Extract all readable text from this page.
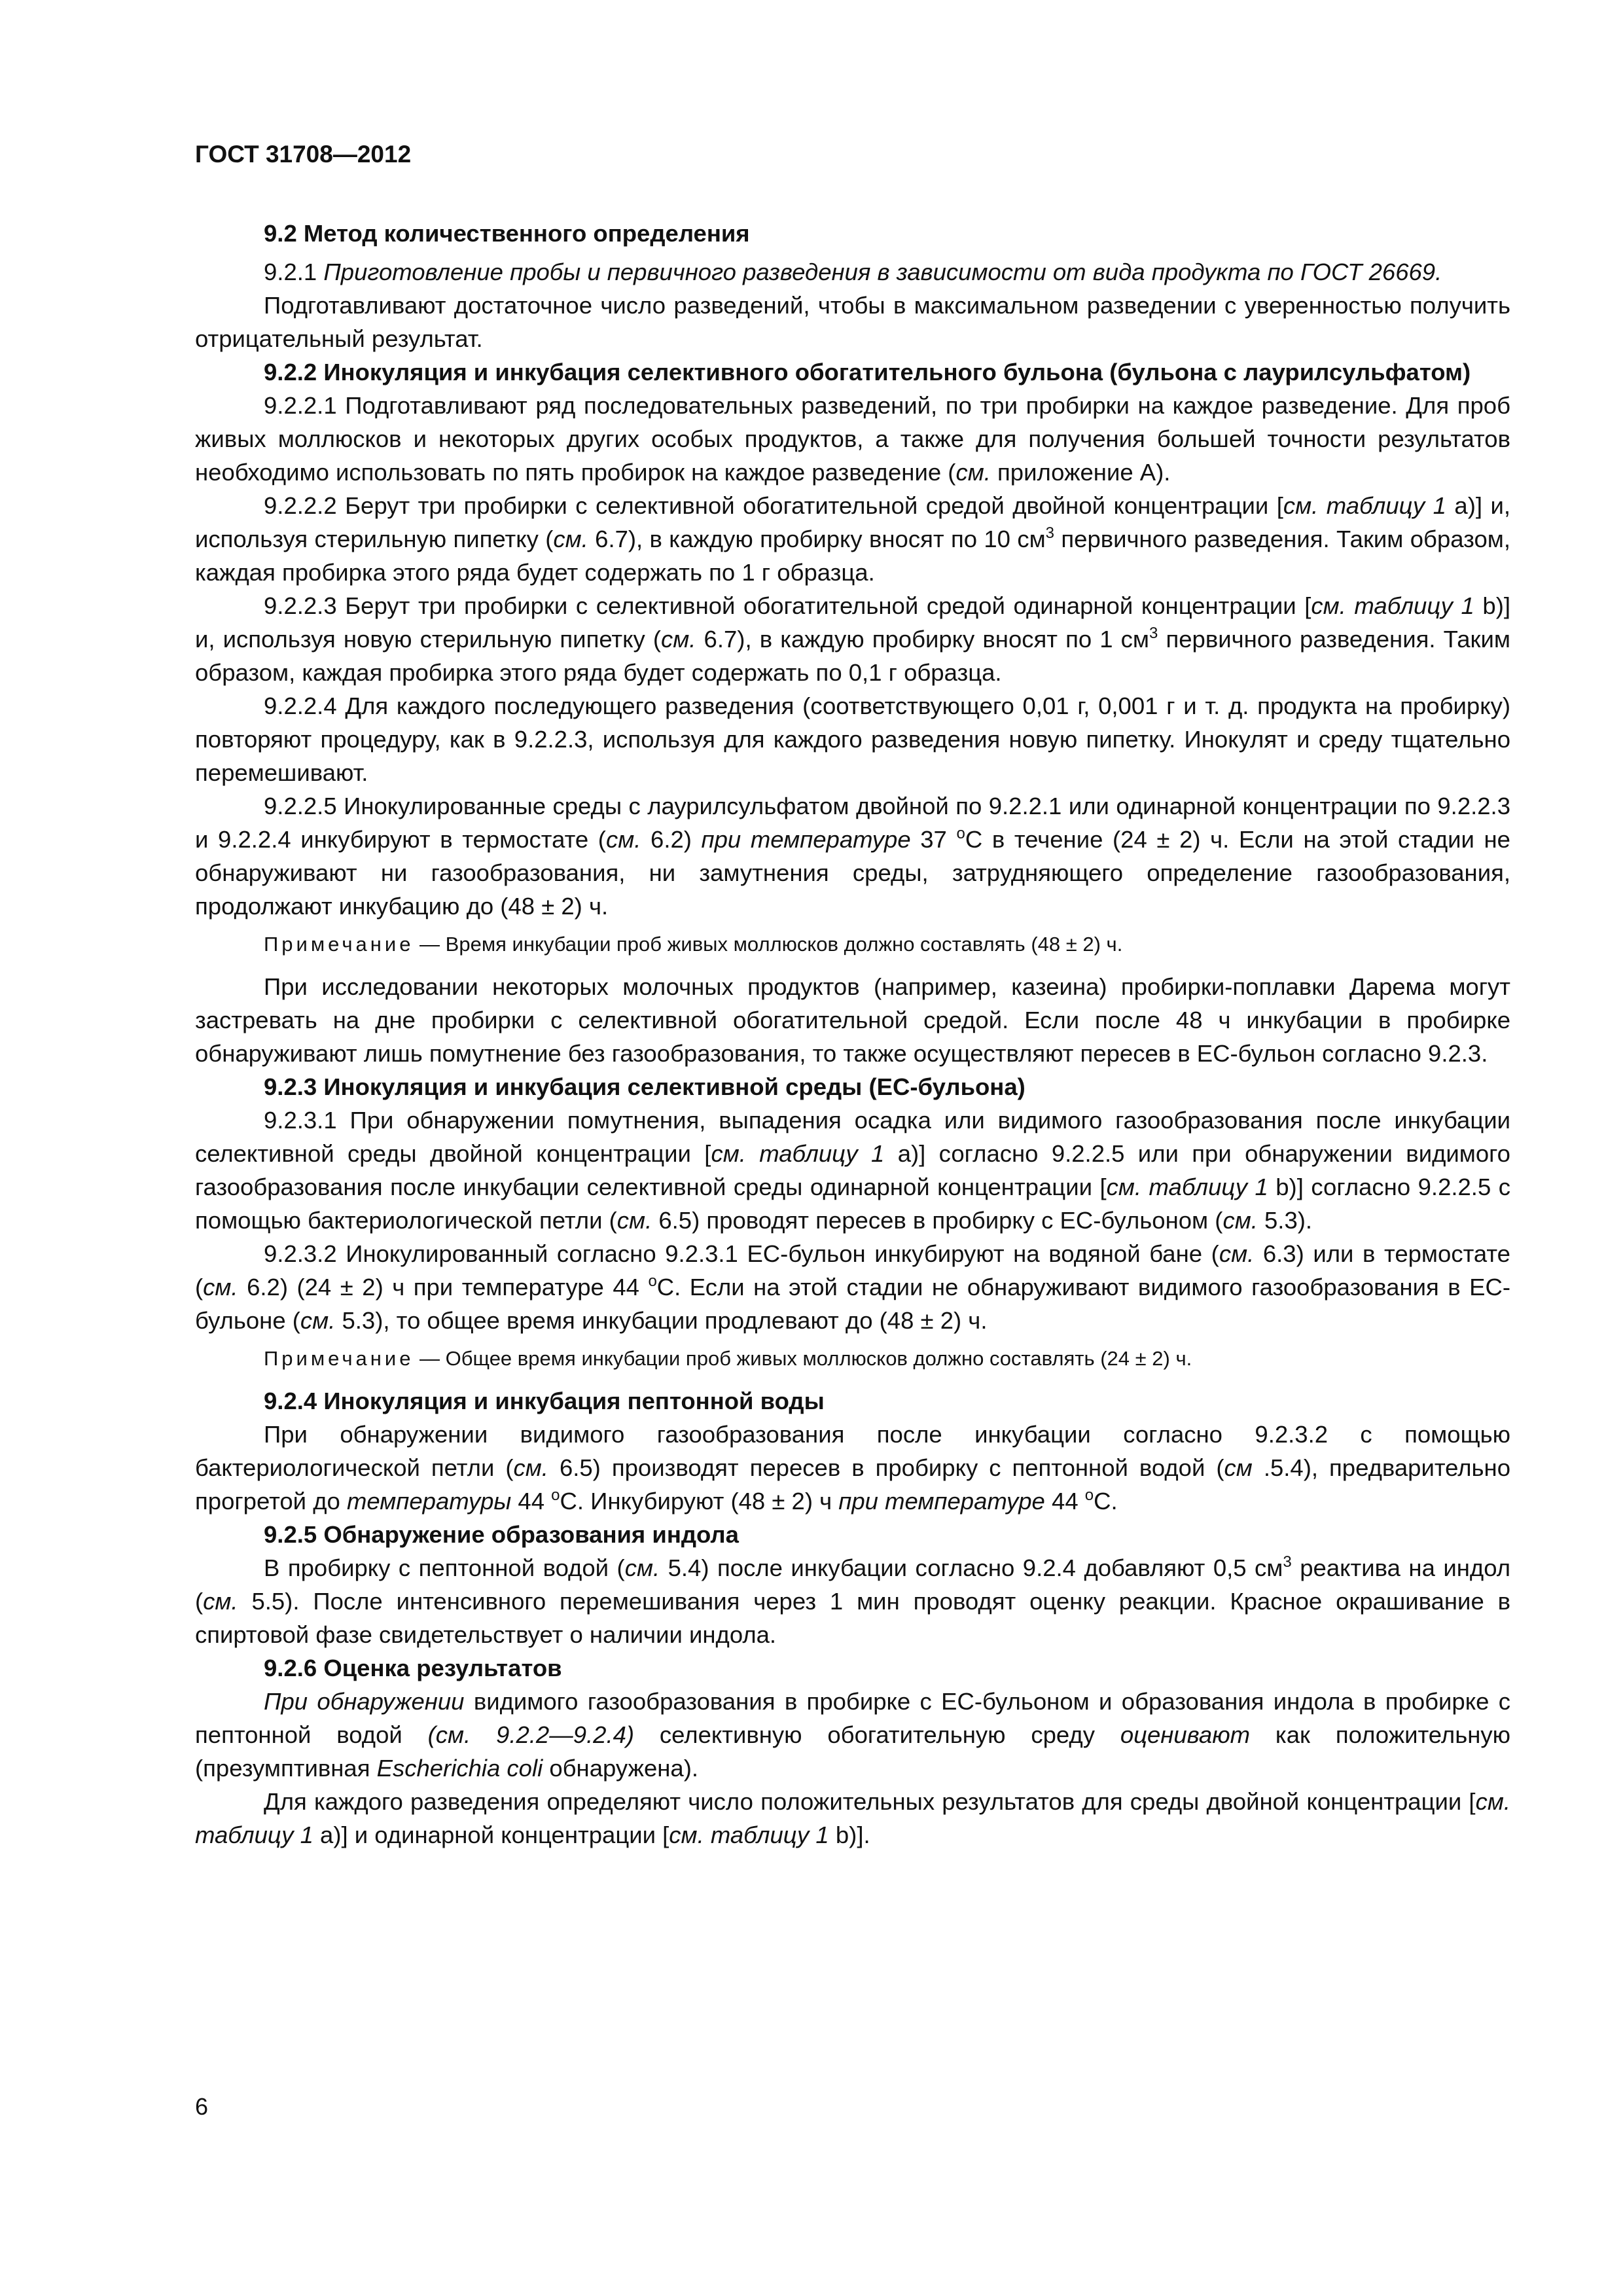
ГОСТ 31708—2012

9.2 Метод количественного определения

9.2.1 Приготовление пробы и первичного разведения в зависимости от вида продукта по ГОСТ 26669.

Подготавливают достаточное число разведений, чтобы в максимальном разведении с уверенностью получить отрицательный результат.

9.2.2 Инокуляция и инкубация селективного обогатительного бульона (бульона с лаурилсульфатом)

9.2.2.1 Подготавливают ряд последовательных разведений, по три пробирки на каждое разведение. Для проб живых моллюсков и некоторых других особых продуктов, а также для получения большей точности результатов необходимо использовать по пять пробирок на каждое разведение (см. приложение А).

9.2.2.2 Берут три пробирки с селективной обогатительной средой двойной концентрации [см. таблицу 1 а)] и, используя стерильную пипетку (см. 6.7), в каждую пробирку вносят по 10 $см^3$ первичного разведения. Таким образом, каждая пробирка этого ряда будет содержать по 1 г образца.

9.2.2.3 Берут три пробирки с селективной обогатительной средой одинарной концентрации [см. таблицу 1 b)] и, используя новую стерильную пипетку (см. 6.7), в каждую пробирку вносят по 1 $см^3$ первичного разведения. Таким образом, каждая пробирка этого ряда будет содержать по 0,1 г образца.

9.2.2.4 Для каждого последующего разведения (соответствующего 0,01 г, 0,001 г и т. д. продукта на пробирку) повторяют процедуру, как в 9.2.2.3, используя для каждого разведения новую пипетку. Инокулят и среду тщательно перемешивают.

9.2.2.5 Инокулированные среды с лаурилсульфатом двойной по 9.2.2.1 или одинарной концентрации по 9.2.2.3 и 9.2.2.4 инкубируют в термостате (см. 6.2) при температуре 37 $^о$С в течение (24 ± 2) ч. Если на этой стадии не обнаруживают ни газообразования, ни замутнения среды, затрудняющего определение газообразования, продолжают инкубацию до (48 ± 2) ч.

Примечание — Время инкубации проб живых моллюсков должно составлять (48 ± 2) ч.

При исследовании некоторых молочных продуктов (например, казеина) пробирки-поплавки Дарема могут застревать на дне пробирки с селективной обогатительной средой. Если после 48 ч инкубации в пробирке обнаруживают лишь помутнение без газообразования, то также осуществляют пересев в ЕС-бульон согласно 9.2.3.

9.2.3 Инокуляция и инкубация селективной среды (ЕС-бульона)

9.2.3.1 При обнаружении помутнения, выпадения осадка или видимого газообразования после инкубации селективной среды двойной концентрации [см. таблицу 1 а)] согласно 9.2.2.5 или при обнаружении видимого газообразования после инкубации селективной среды одинарной концентрации [см. таблицу 1 b)] согласно 9.2.2.5 с помощью бактериологической петли (см. 6.5) проводят пересев в пробирку с ЕС-бульоном (см. 5.3).

9.2.3.2 Инокулированный согласно 9.2.3.1 ЕС-бульон инкубируют на водяной бане (см. 6.3) или в термостате (см. 6.2) (24 ± 2) ч при температуре 44 $^о$С. Если на этой стадии не обнаруживают видимого газообразования в ЕС-бульоне (см. 5.3), то общее время инкубации продлевают до (48 ± 2) ч.

Примечание — Общее время инкубации проб живых моллюсков должно составлять (24 ± 2) ч.

9.2.4 Инокуляция и инкубация пептонной воды

При обнаружении видимого газообразования после инкубации согласно 9.2.3.2 с помощью бактериологической петли (см. 6.5) производят пересев в пробирку с пептонной водой (см .5.4), предварительно прогретой до температуры 44 $^о$С. Инкубируют (48 ± 2) ч при температуре 44 $^о$С.

9.2.5 Обнаружение образования индола

В пробирку с пептонной водой (см. 5.4) после инкубации согласно 9.2.4 добавляют 0,5 $см^3$ реактива на индол (см. 5.5). После интенсивного перемешивания через 1 мин проводят оценку реакции. Красное окрашивание в спиртовой фазе свидетельствует о наличии индола.

9.2.6 Оценка результатов

При обнаружении видимого газообразования в пробирке с ЕС-бульоном и образования индола в пробирке с пептонной водой (см. 9.2.2—9.2.4) селективную обогатительную среду оценивают как положительную (презумптивная Escherichia coli обнаружена).

Для каждого разведения определяют число положительных результатов для среды двойной концентрации [см. таблицу 1 а)] и одинарной концентрации [см. таблицу 1 b)].

6
